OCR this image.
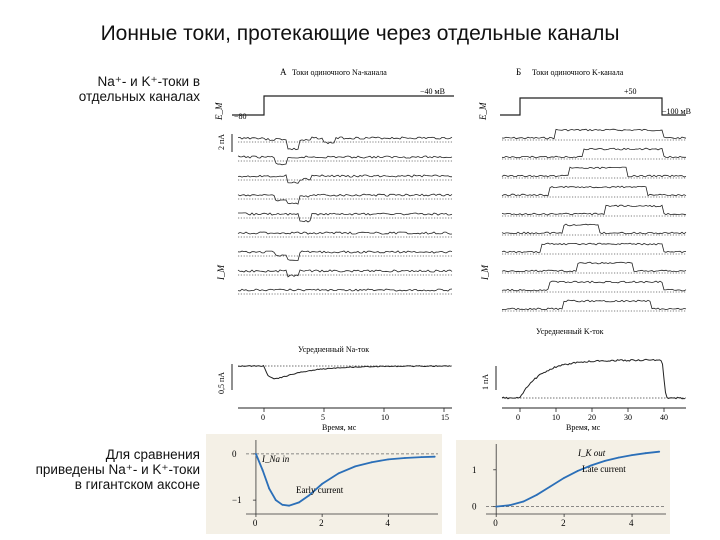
Ионные токи, протекающие через отдельные каналы
Na⁺- и K⁺-токи в
отдельных каналах
Для сравнения
приведены Na⁺- и K⁺-токи
в гигантском аксоне
A Токи одиночного Na-канала
E_M −80
−40 мВ
2 пА
I_M
Усредненный Na-ток
0,5 пА
0	5	10	15
Время, мс
Б Токи одиночного K-канала
E_M
+50
−100 мВ
I_M
Усредненный K-ток
1 пА
0	10	20	30	40
Время, мс
0	2	4
0
−1
I_Na in
Early current
0	2	4
0
1
I_K out
Late current
